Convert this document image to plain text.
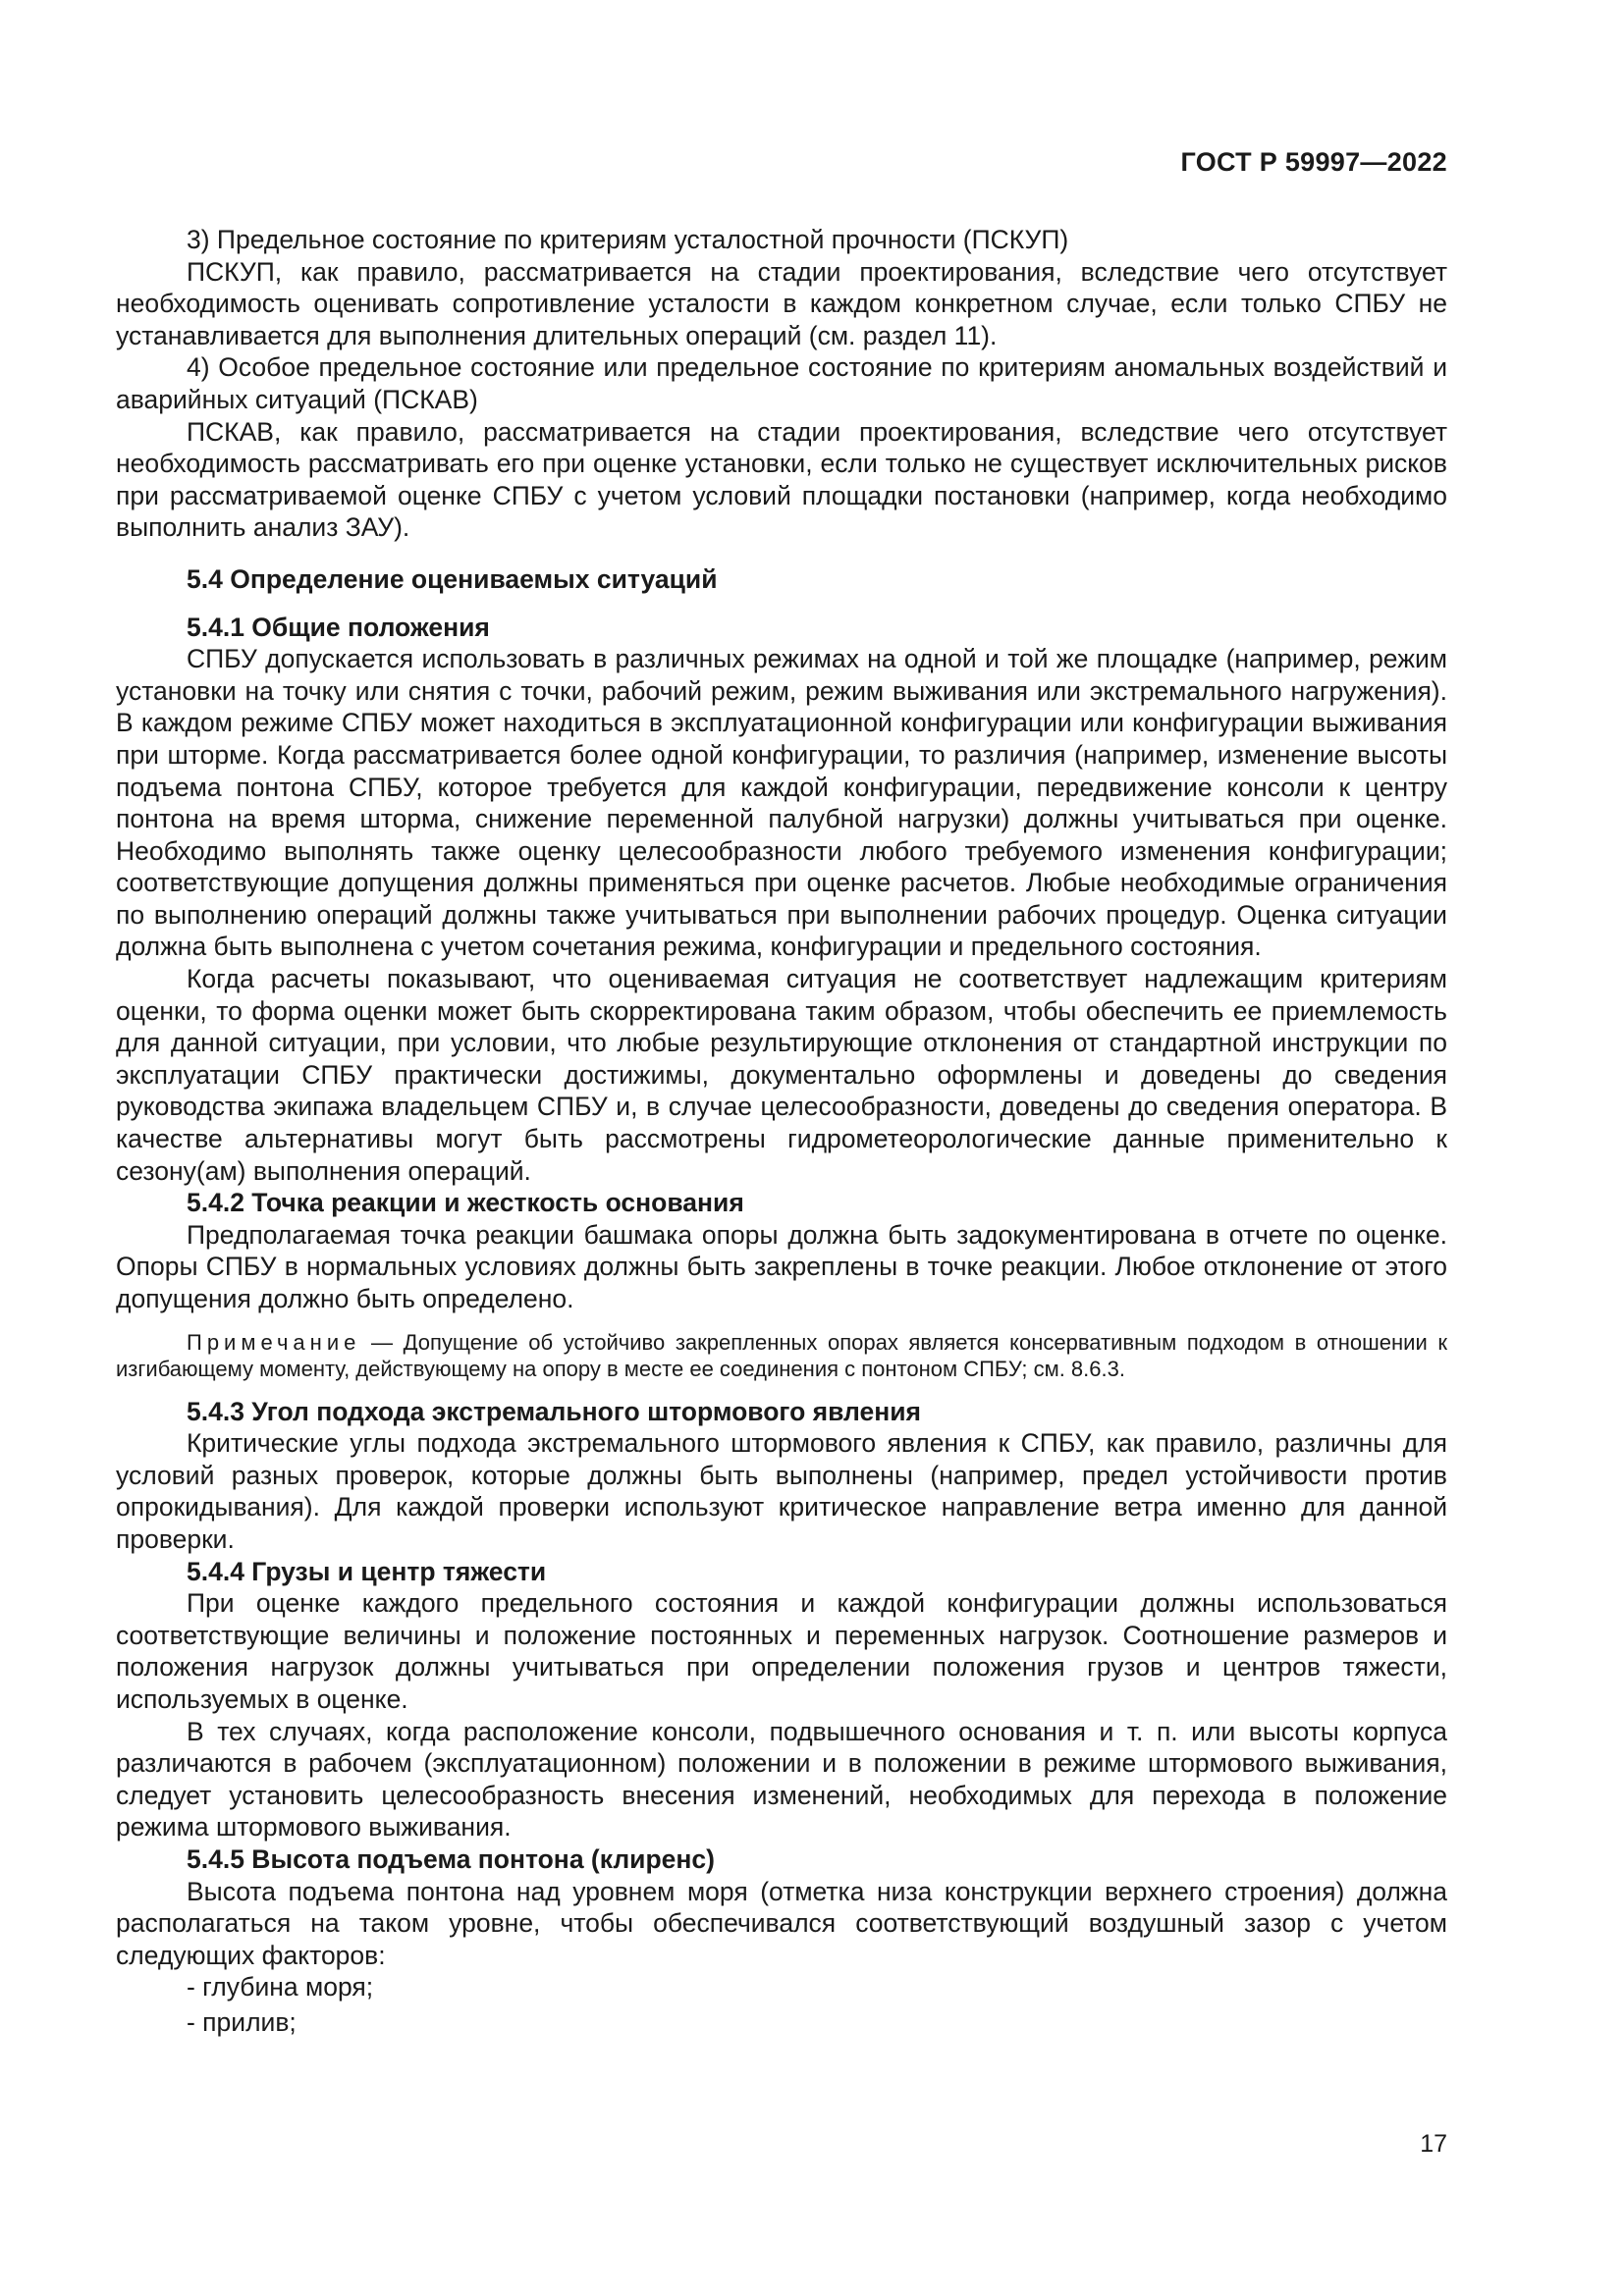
ГОСТ Р 59997—2022

3) Предельное состояние по критериям усталостной прочности (ПСКУП)

ПСКУП, как правило, рассматривается на стадии проектирования, вследствие чего отсутствует необходимость оценивать сопротивление усталости в каждом конкретном случае, если только СПБУ не устанавливается для выполнения длительных операций (см. раздел 11).

4) Особое предельное состояние или предельное состояние по критериям аномальных воздействий и аварийных ситуаций (ПСКАВ)

ПСКАВ, как правило, рассматривается на стадии проектирования, вследствие чего отсутствует необходимость рассматривать его при оценке установки, если только не существует исключительных рисков при рассматриваемой оценке СПБУ с учетом условий площадки постановки (например, когда необходимо выполнить анализ ЗАУ).

5.4 Определение оцениваемых ситуаций

5.4.1 Общие положения

СПБУ допускается использовать в различных режимах на одной и той же площадке (например, режим установки на точку или снятия с точки, рабочий режим, режим выживания или экстремального нагружения). В каждом режиме СПБУ может находиться в эксплуатационной конфигурации или конфигурации выживания при шторме. Когда рассматривается более одной конфигурации, то различия (например, изменение высоты подъема понтона СПБУ, которое требуется для каждой конфигурации, передвижение консоли к центру понтона на время шторма, снижение переменной палубной нагрузки) должны учитываться при оценке. Необходимо выполнять также оценку целесообразности любого требуемого изменения конфигурации; соответствующие допущения должны применяться при оценке расчетов. Любые необходимые ограничения по выполнению операций должны также учитываться при выполнении рабочих процедур. Оценка ситуации должна быть выполнена с учетом сочетания режима, конфигурации и предельного состояния.

Когда расчеты показывают, что оцениваемая ситуация не соответствует надлежащим критериям оценки, то форма оценки может быть скорректирована таким образом, чтобы обеспечить ее приемлемость для данной ситуации, при условии, что любые результирующие отклонения от стандартной инструкции по эксплуатации СПБУ практически достижимы, документально оформлены и доведены до сведения руководства экипажа владельцем СПБУ и, в случае целесообразности, доведены до сведения оператора. В качестве альтернативы могут быть рассмотрены гидрометеорологические данные применительно к сезону(ам) выполнения операций.

5.4.2 Точка реакции и жесткость основания

Предполагаемая точка реакции башмака опоры должна быть задокументирована в отчете по оценке. Опоры СПБУ в нормальных условиях должны быть закреплены в точке реакции. Любое отклонение от этого допущения должно быть определено.

Примечание — Допущение об устойчиво закрепленных опорах является консервативным подходом в отношении к изгибающему моменту, действующему на опору в месте ее соединения с понтоном СПБУ; см. 8.6.3.

5.4.3 Угол подхода экстремального штормового явления

Критические углы подхода экстремального штормового явления к СПБУ, как правило, различны для условий разных проверок, которые должны быть выполнены (например, предел устойчивости против опрокидывания). Для каждой проверки используют критическое направление ветра именно для данной проверки.

5.4.4 Грузы и центр тяжести

При оценке каждого предельного состояния и каждой конфигурации должны использоваться соответствующие величины и положение постоянных и переменных нагрузок. Соотношение размеров и положения нагрузок должны учитываться при определении положения грузов и центров тяжести, используемых в оценке.

В тех случаях, когда расположение консоли, подвышечного основания и т. п. или высоты корпуса различаются в рабочем (эксплуатационном) положении и в положении в режиме штормового выживания, следует установить целесообразность внесения изменений, необходимых для перехода в положение режима штормового выживания.

5.4.5 Высота подъема понтона (клиренс)

Высота подъема понтона над уровнем моря (отметка низа конструкции верхнего строения) должна располагаться на таком уровне, чтобы обеспечивался соответствующий воздушный зазор с учетом следующих факторов:

- глубина моря;

- прилив;

17
